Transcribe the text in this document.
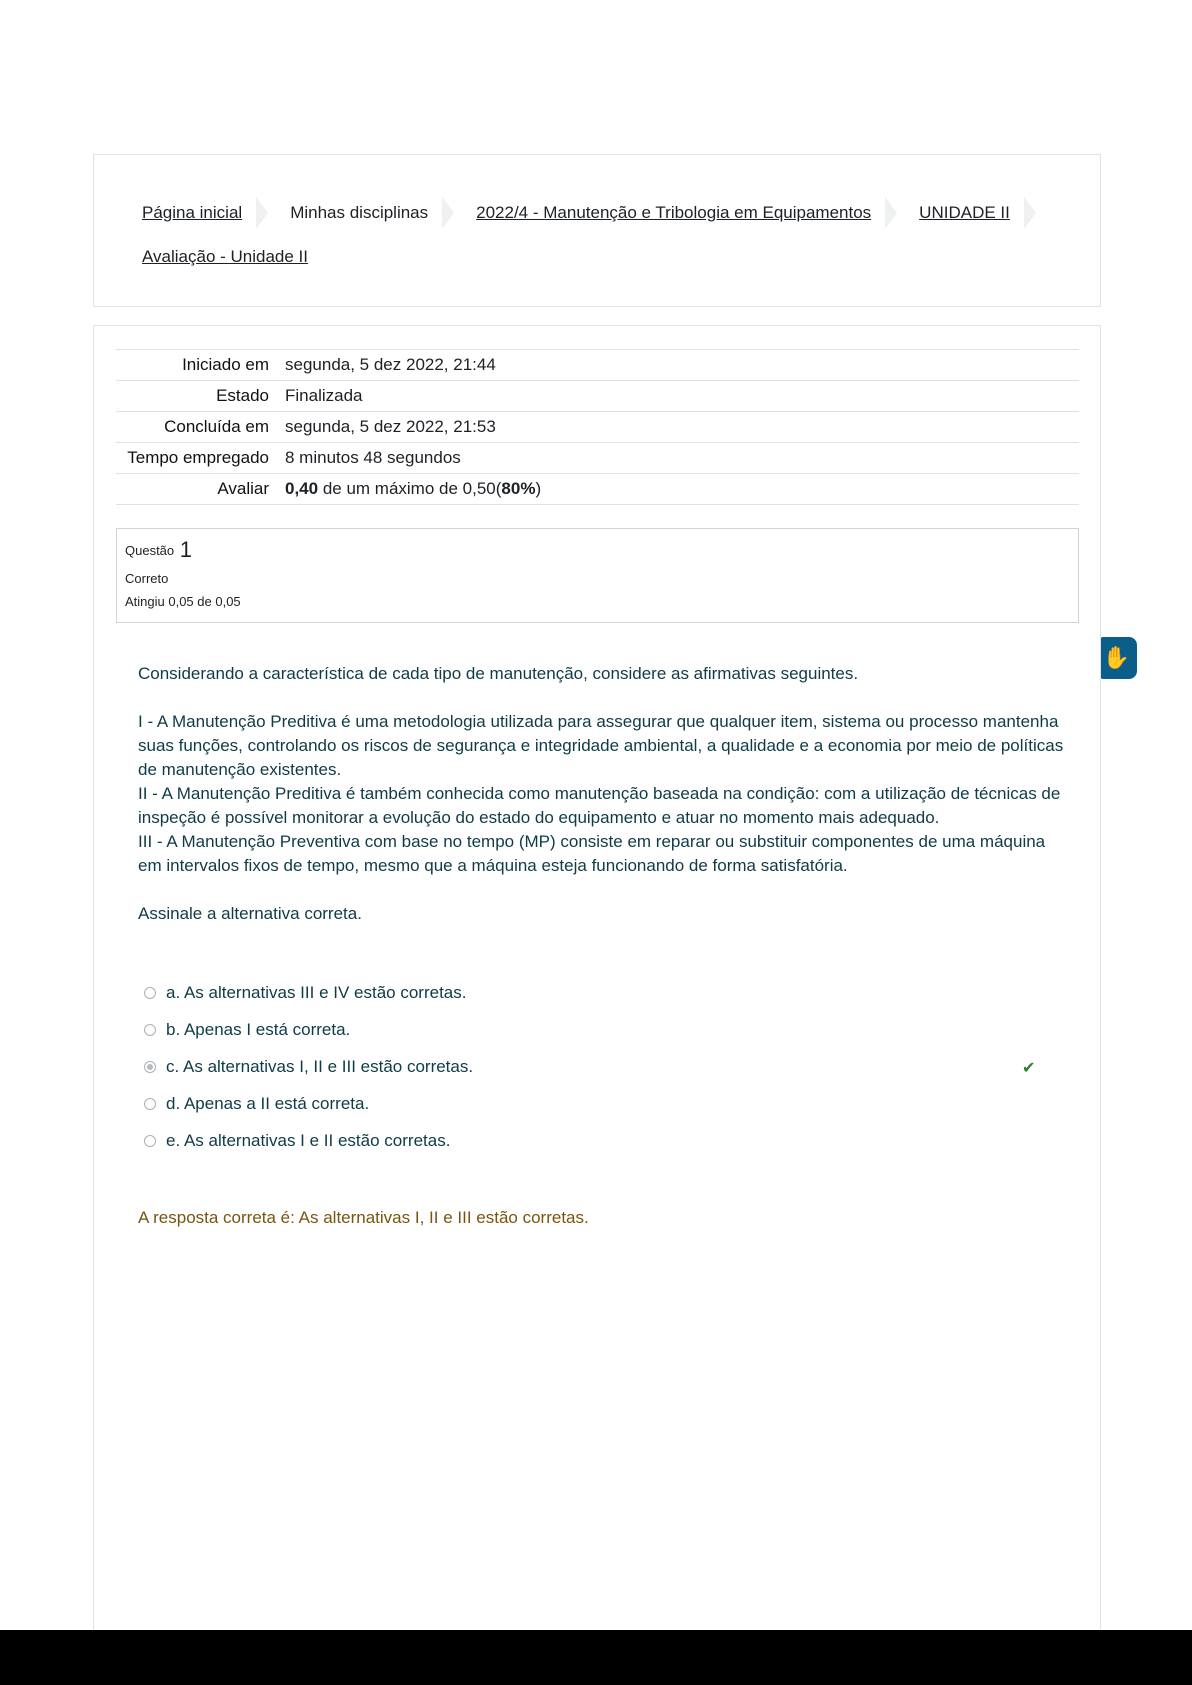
Página inicial	Minhas disciplinas	2022/4 - Manutenção e Tribologia em Equipamentos	UNIDADE II
Avaliação - Unidade II
✋
Iniciado em	segunda, 5 dez 2022, 21:44
Estado	Finalizada
Concluída em	segunda, 5 dez 2022, 21:53
Tempo empregado	8 minutos 48 segundos
Avaliar	0,40 de um máximo de 0,50(80%)
Questão 1
Correto
Atingiu 0,05 de 0,05

Considerando a característica de cada tipo de manutenção, considere as afirmativas seguintes.

I - A Manutenção Preditiva é uma metodologia utilizada para assegurar que qualquer item, sistema ou processo mantenha suas funções, controlando os riscos de segurança e integridade ambiental, a qualidade e a economia por meio de políticas de manutenção existentes.

II - A Manutenção Preditiva é também conhecida como manutenção baseada na condição: com a utilização de técnicas de inspeção é possível monitorar a evolução do estado do equipamento e atuar no momento mais adequado.

III - A Manutenção Preventiva com base no tempo (MP) consiste em reparar ou substituir componentes de uma máquina em intervalos fixos de tempo, mesmo que a máquina esteja funcionando de forma satisfatória.

Assinale a alternativa correta.

a. As alternativas III e IV estão corretas.
b. Apenas I está correta.
c. As alternativas I, II e III estão corretas.	✔
d. Apenas a II está correta.
e. As alternativas I e II estão corretas.
A resposta correta é: As alternativas I, II e III estão corretas.
